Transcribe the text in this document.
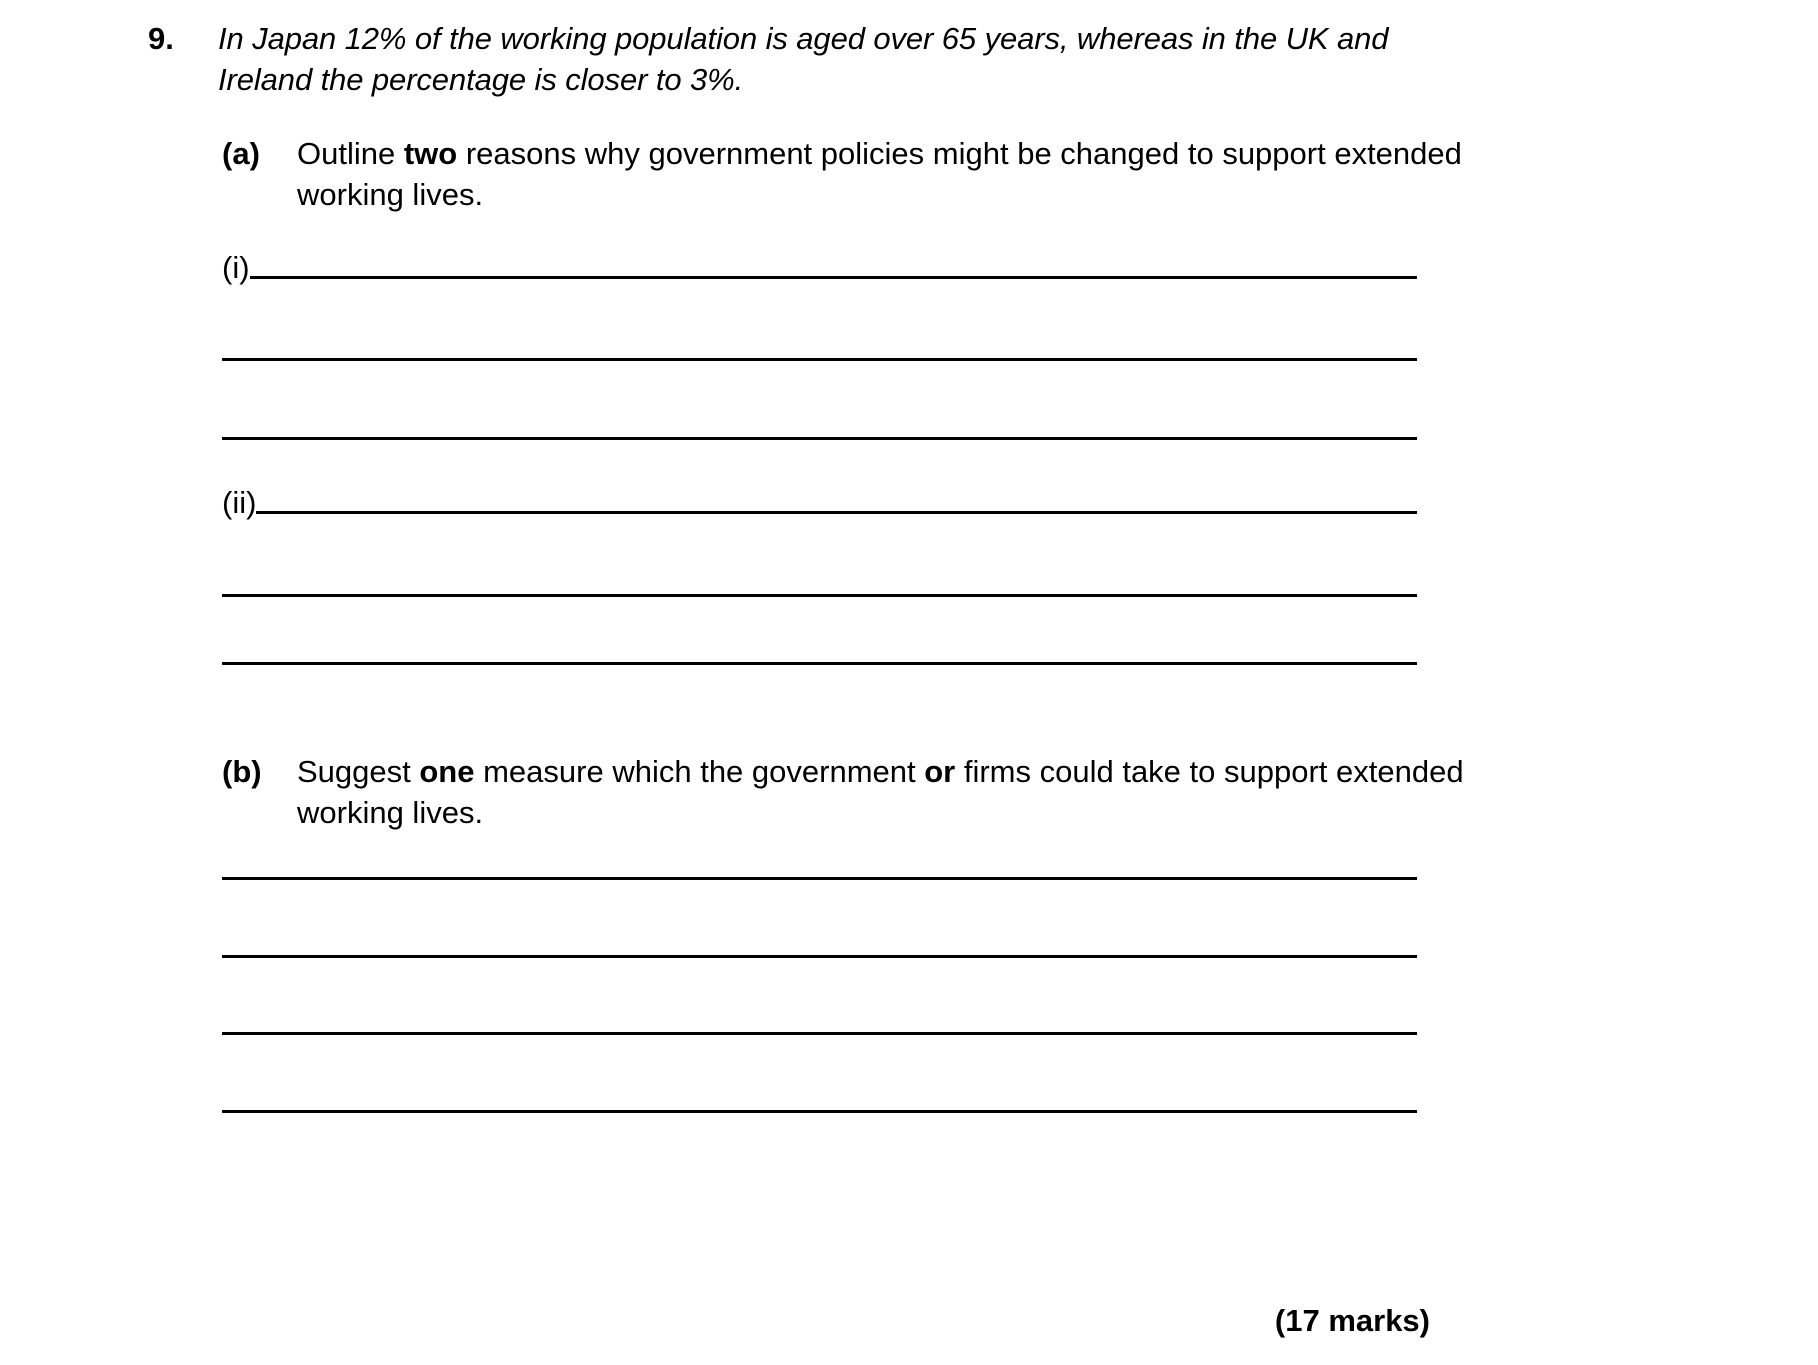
9.	In Japan 12% of the working population is aged over 65 years, whereas in the UK and Ireland the percentage is closer to 3%.
(a)	Outline two reasons why government policies might be changed to support extended working lives.
(i)
(ii)
(b)	Suggest one measure which the government or firms could take to support extended working lives.
(17 marks)
